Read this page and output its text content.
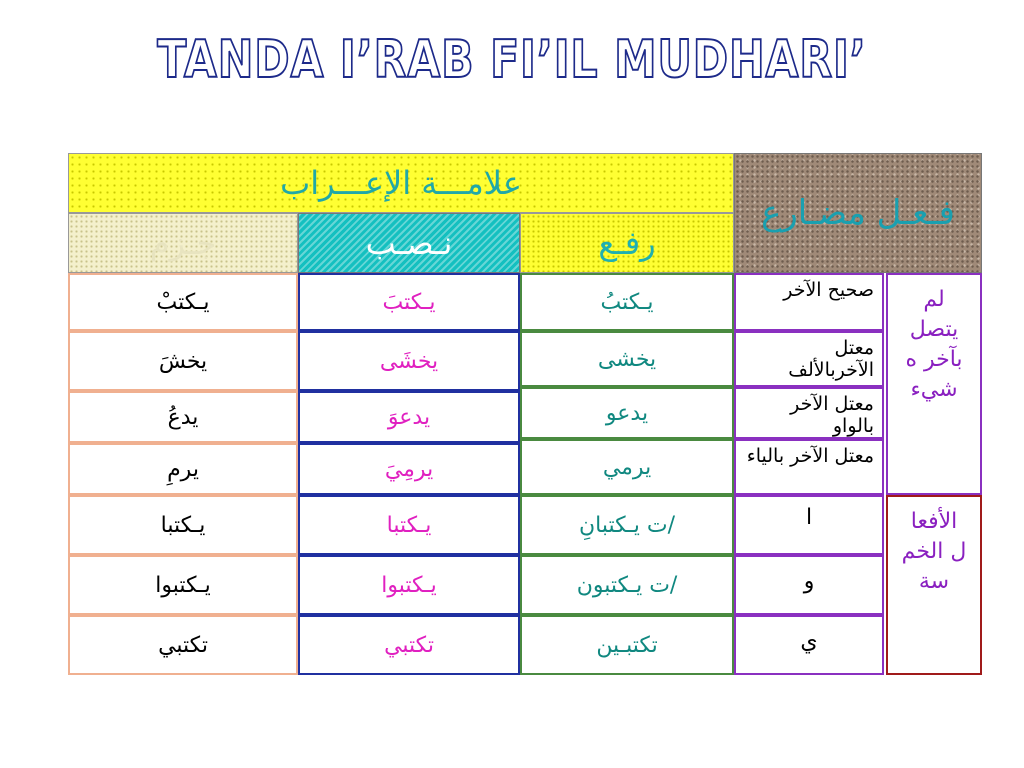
TANDA I’RAB FI’IL MUDHARI’
علامـــة الإعـــراب
فـعـل مضـارع
جـزم	نـصـب	رفـع
يـكتبْ
يخشَ
يدعُ
يرمِ
يـكتبا
يـكتبوا
تكتبي
يـكتبَ
يخشَى
يدعوَ
يرمِيَ
يـكتبا
يـكتبوا
تكتبي
يـكتبُ
يخشى
يدعو
يرمي
/ت يـكتبانِ
/ت يـكتبون
تكتبـين
صحيح الآخر
معتل الآخربالألف
معتل الآخر بالواو
معتل الآخر بالياء
ا
و
ي
لم يتصل بآخر ه شيء
الأفعا ل الخم سة
